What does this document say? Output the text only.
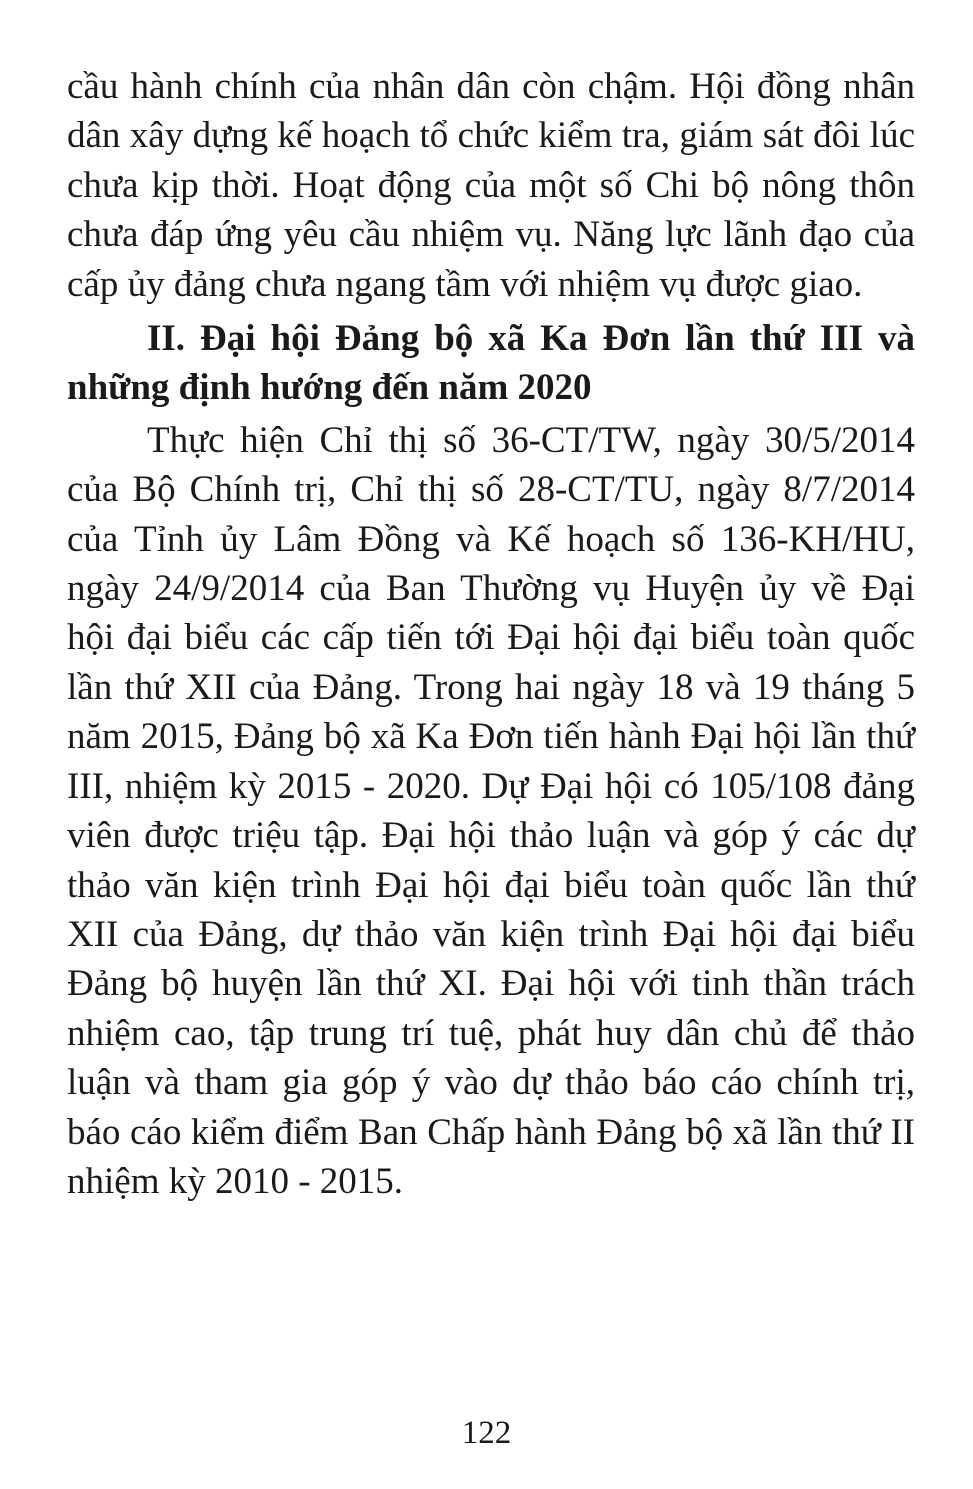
cầu hành chính của nhân dân còn chậm. Hội đồng nhân dân xây dựng kế hoạch tổ chức kiểm tra, giám sát đôi lúc chưa kịp thời. Hoạt động của một số Chi bộ nông thôn chưa đáp ứng yêu cầu nhiệm vụ. Năng lực lãnh đạo của cấp ủy đảng chưa ngang tầm với nhiệm vụ được giao.

II. Đại hội Đảng bộ xã Ka Đơn lần thứ III và những định hướng đến năm 2020

Thực hiện Chỉ thị số 36-CT/TW, ngày 30/5/2014 của Bộ Chính trị, Chỉ thị số 28-CT/TU, ngày 8/7/2014 của Tỉnh ủy Lâm Đồng và Kế hoạch số 136-KH/HU, ngày 24/9/2014 của Ban Thường vụ Huyện ủy về Đại hội đại biểu các cấp tiến tới Đại hội đại biểu toàn quốc lần thứ XII của Đảng. Trong hai ngày 18 và 19 tháng 5 năm 2015, Đảng bộ xã Ka Đơn tiến hành Đại hội lần thứ III, nhiệm kỳ 2015 - 2020. Dự Đại hội có 105/108 đảng viên được triệu tập. Đại hội thảo luận và góp ý các dự thảo văn kiện trình Đại hội đại biểu toàn quốc lần thứ XII của Đảng, dự thảo văn kiện trình Đại hội đại biểu Đảng bộ huyện lần thứ XI. Đại hội với tinh thần trách nhiệm cao, tập trung trí tuệ, phát huy dân chủ để thảo luận và tham gia góp ý vào dự thảo báo cáo chính trị, báo cáo kiểm điểm Ban Chấp hành Đảng bộ xã lần thứ II nhiệm kỳ 2010 - 2015.

122
